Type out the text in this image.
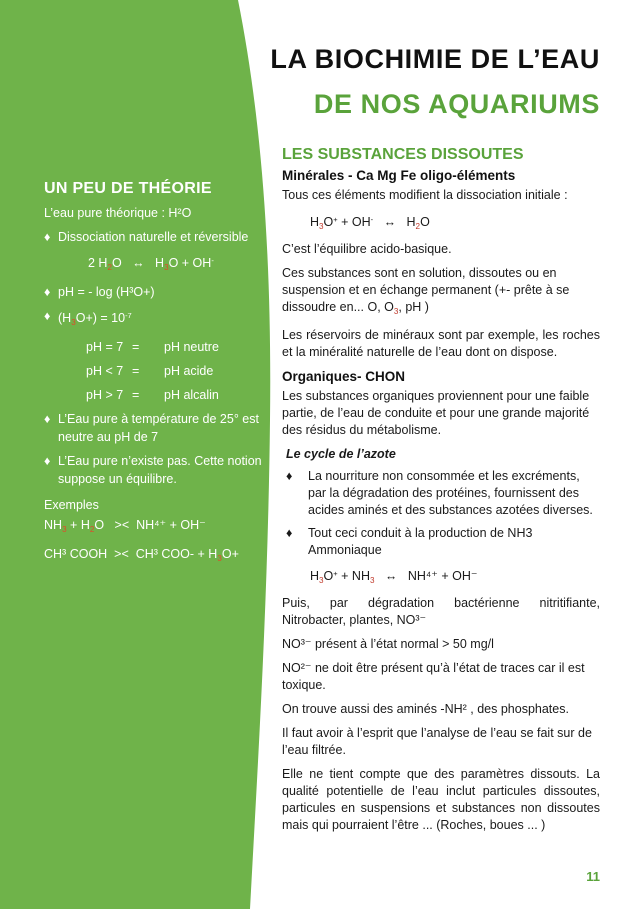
LA BIOCHIMIE DE L’EAU
DE NOS AQUARIUMS
UN PEU DE THÉORIE
L’eau pure théorique : H²O
♦ Dissociation naturelle et réversible
2 $H_2O$ ↔ $H_3O + OH^-$
♦ pH = - log (H³O+)
♦ $(H_3O+) = 10^{-7}$
pH = 7 =	pH neutre
pH < 7 =	pH acide
pH > 7 =	pH alcalin
♦ L’Eau pure à température de 25° est neutre au pH de 7
♦ L’Eau pure n’existe pas. Cette notion suppose un équilibre.
Exemples	:
$NH_3 + H_2O >< NH^{4+} + OH^-$
CH³ COOH >< CH³ $COO- + H_3O+$
LES SUBSTANCES DISSOUTES
Minérales - Ca Mg Fe oligo-éléments

Tous ces éléments modifient la dissociation initiale :

$H_3O^+ + OH^-$ ↔ $H_2O$

C’est l’équilibre acido-basique.

Ces substances sont en solution, dissoutes ou en suspension et en échange permanent (+- prête à se dissoudre en... O, $O_3$, pH )

Les réservoirs de minéraux sont par exemple, les roches et la minéralité naturelle de l’eau dont on dispose.

Organiques- CHON

Les substances organiques proviennent pour une faible partie, de l’eau de conduite et pour une grande majorité des résidus du métabolisme.

Le cycle de l’azote
♦	La nourriture non consommée et les excréments, par la dégradation des protéines, fournissent des acides aminés et des substances azotées diverses.
♦	Tout ceci conduit à la production de NH3 Ammoniaque
$H_3O^+ + NH_3$ ↔ NH⁴⁺ + OH⁻

Puis, par dégradation bactérienne nitritifiante, Nitrobacter, plantes, NO³⁻

NO³⁻ présent à l’état normal > 50 mg/l

NO²⁻ ne doit être présent qu’à l’état de traces car il est toxique.

On trouve aussi des aminés -NH² , des phosphates.

Il faut avoir à l’esprit que l’analyse de l’eau se fait sur de l’eau filtrée.

Elle ne tient compte que des paramètres dissouts. La qualité potentielle de l’eau inclut particules dissoutes, particules en suspensions et substances non dissoutes mais qui pourraient l’être ... (Roches, boues ... )

11
